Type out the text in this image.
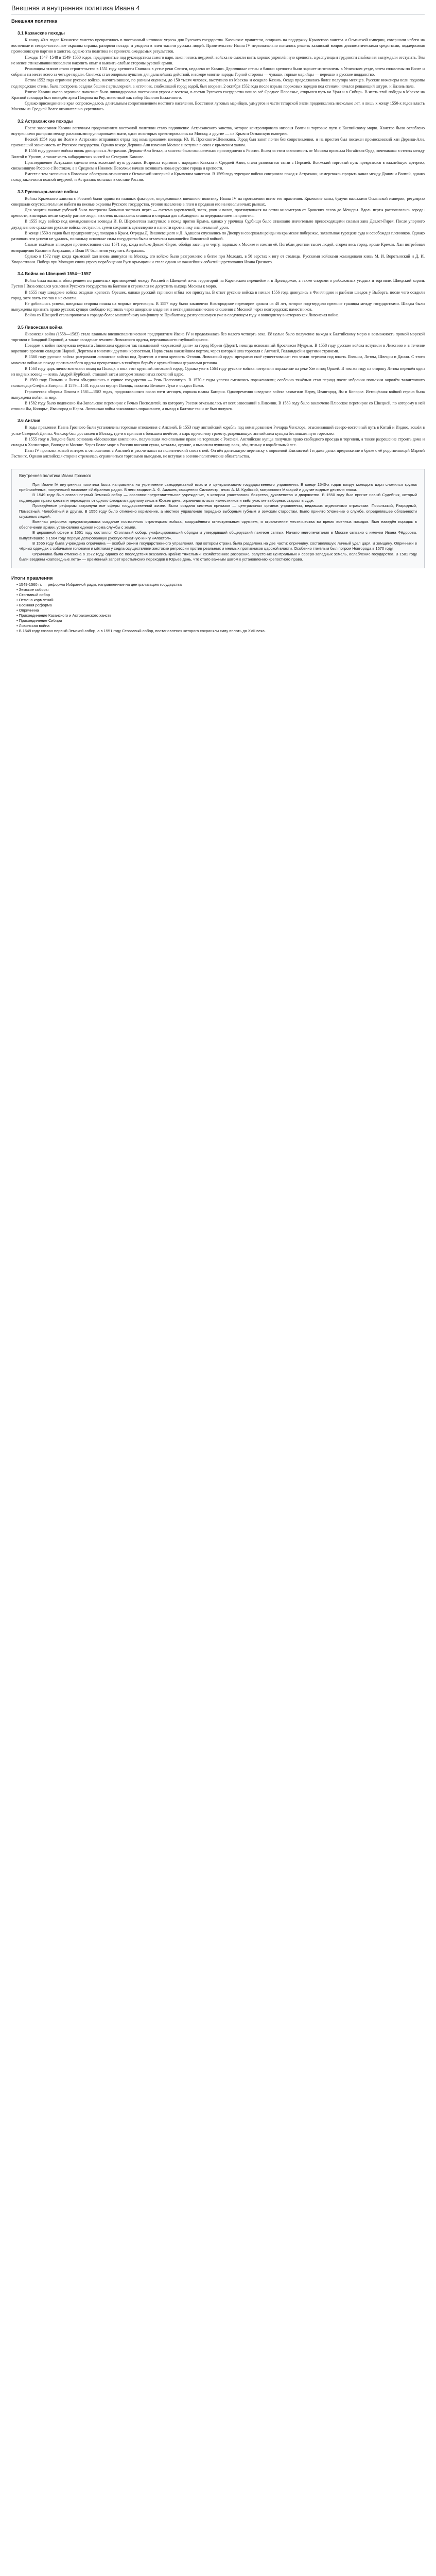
Внешняя и внутренняя политика Ивана 4
Внешняя политика
3.1 Казанские походы
К концу 40-х годов Казанское ханство превратилось в постоянный источник угрозы для Русского государства. Казанские правители, опираясь на поддержку Крымского ханства и Османской империи, совершали набеги на восточные и северо-восточные окраины страны, разоряли посады и уводили в плен тысячи русских людей. Правительство Ивана IV первоначально пыталось решить казанский вопрос дипломатическими средствами, поддерживая промосковскую партию в ханстве, однако эта политика не принесла ожидаемых результатов.
Походы 1547–1548 и 1549–1550 годов, предпринятые под руководством самого царя, закончились неудачей: войска не смогли взять хорошо укреплённую крепость, а распутица и трудности снабжения вынуждали отступать. Тем не менее эти кампании позволили накопить опыт и выявить слабые стороны русской армии.
Решающим этапом стало строительство в 1551 году крепости Свияжск в устье реки Свияги, недалеко от Казани. Деревянные стены и башни крепости были заранее изготовлены в Угличском уезде, затем сплавлены по Волге и собраны на месте всего за четыре недели. Свияжск стал опорным пунктом для дальнейших действий, и вскоре многие народы Горной стороны — чуваши, горные марийцы — перешли в русское подданство.
Летом 1552 года огромное русское войско, насчитывавшее, по разным оценкам, до 150 тысяч человек, выступило из Москвы и осадило Казань. Осада продолжалась более полутора месяцев. Русские инженеры вели подкопы под городские стены, была построена осадная башня с артиллерией, а источник, снабжавший город водой, был взорван. 2 октября 1552 года после взрыва пороховых зарядов под стенами начался решающий штурм, и Казань пала.
Взятие Казани имело огромное значение: была ликвидирована постоянная угроза с востока, в состав Русского государства вошло всё Среднее Поволжье, открылся путь на Урал и в Сибирь. В честь этой победы в Москве на Красной площади был возведён храм Покрова на Рву, известный как собор Василия Блаженного.
Однако присоединение края сопровождалось длительным сопротивлением местного населения. Восстания луговых марийцев, удмуртов и части татарской знати продолжались несколько лет, и лишь к концу 1550-х годов власть Москвы на Средней Волге окончательно укрепилась.
3.2 Астраханские походы
После завоевания Казани логичным продолжением восточной политики стало подчинение Астраханского ханства, которое контролировало низовья Волги и торговые пути к Каспийскому морю. Ханство было ослаблено внутренними распрями между различными группировками знати, одни из которых ориентировались на Москву, а другие — на Крым и Османскую империю.
Весной 1554 года по Волге к Астрахани отправился отряд под командованием воеводы Ю. И. Пронского-Шемякина. Город был занят почти без сопротивления, и на престол был посажен промосковский хан Дервиш-Али, признавший зависимость от Русского государства. Однако вскоре Дервиш-Али изменил Москве и вступил в союз с крымским ханом.
В 1556 году русские войска вновь двинулись к Астрахани. Дервиш-Али бежал, и ханство было окончательно присоединено к России. Вслед за этим зависимость от Москвы признала Ногайская Орда, кочевавшая в степях между Волгой и Уралом, а также часть кабардинских князей на Северном Кавказе.
Присоединение Астрахани сделало весь волжский путь русским. Возросла торговля с народами Кавказа и Средней Азии, стали развиваться связи с Персией. Волжский торговый путь превратился в важнейшую артерию, связывавшую Россию с Востоком, а в Среднем и Нижнем Поволжье начали возникать новые русские города и крепости.
Вместе с тем экспансия в Поволжье обострила отношения с Османской империей и Крымским ханством. В 1569 году турецкое войско совершило поход к Астрахани, намереваясь прорыть канал между Доном и Волгой, однако поход закончился полной неудачей, и Астрахань осталась в составе России.
3.3 Русско-крымские войны
Войны Крымского ханства с Россией были одним из главных факторов, определявших внешнюю политику Ивана IV на протяжении всего его правления. Крымские ханы, будучи вассалами Османской империи, регулярно совершали опустошительные набеги на южные окраины Русского государства, угоняя население в плен и продавая его на невольничьих рынках.
Для защиты южных рубежей была построена Большая засечная черта — система укреплений, засек, рвов и валов, протянувшаяся на сотни километров от Брянских лесов до Мещеры. Вдоль черты располагались города-крепости, в которых несли службу ратные люди, а в степь высылались станицы и сторожи для наблюдения за передвижением неприятеля.
В 1555 году войско под командованием воеводы И. В. Шереметева выступило в поход против Крыма, однако у урочища Судбищи было атаковано значительно превосходящими силами хана Девлет-Гирея. После упорного двухдневного сражения русские войска отступили, сумев сохранить артиллерию и нанести противнику значительный урон.
В конце 1550-х годов был предпринят ряд походов в Крым. Отряды Д. Вишневецкого и Д. Адашева спускались по Днепру и совершали рейды на крымское побережье, захватывая турецкие суда и освобождая пленников. Однако развивать эти успехи не удалось, поскольку основные силы государства были отвлечены начавшейся Ливонской войной.
Самым тяжёлым эпизодом противостояния стал 1571 год, когда войско Девлет-Гирея, обойдя засечную черту, подошло к Москве и сожгло её. Погибли десятки тысяч людей, сгорел весь город, кроме Кремля. Хан потребовал возвращения Казани и Астрахани, а Иван IV был готов уступить Астрахань.
Однако в 1572 году, когда крымский хан вновь двинулся на Москву, его войско было разгромлено в битве при Молодях, в 50 верстах к югу от столицы. Русскими войсками командовали князь М. И. Воротынский и Д. И. Хворостинин. Победа при Молодях сняла угрозу порабощения Руси крымцами и стала одним из важнейших событий царствования Ивана Грозного.
3.4 Война со Швецией 1554—1557
Война была вызвана обострением пограничных противоречий между Россией и Швецией из-за территорий на Карельском перешейке и в Приладожье, а также спорами о рыболовных угодьях и торговле. Шведский король Густав I Ваза опасался усиления Русского государства на Балтике и стремился не допустить выхода Москвы к морю.
В 1555 году шведские войска осадили крепость Орешек, однако русский гарнизон отбил все приступы. В ответ русские войска в начале 1556 года двинулись в Финляндию и разбили шведов у Выборга, после чего осадили город, хотя взять его так и не смогли.
Не добившись успеха, шведская сторона пошла на мирные переговоры. В 1557 году было заключено Новгородское перемирие сроком на 40 лет, которое подтвердило прежние границы между государствами. Шведы были вынуждены признать право русских купцов свободно торговать через шведские владения и вести дипломатические сношения с Москвой через новгородских наместников.
Война со Швецией стала прологом к гораздо более масштабному конфликту за Прибалтику, разгоревшемуся уже в следующем году и вошедшему в историю как Ливонская война.
3.5 Ливонская война
Ливонская война (1558—1583) стала главным внешнеполитическим предприятием Ивана IV и продолжалась без малого четверть века. Её целью было получение выхода к Балтийскому морю и возможность прямой морской торговли с Западной Европой, а также овладение землями Ливонского ордена, переживавшего глубокий кризис.
Поводом к войне послужила неуплата Ливонским орденом так называемой «юрьевской дани» за город Юрьев (Дерпт), некогда основанный Ярославом Мудрым. В 1558 году русские войска вступили в Ливонию и в течение короткого времени овладели Нарвой, Дерптом и многими другими крепостями. Нарва стала важнейшим портом, через который шла торговля с Англией, Голландией и другими странами.
В 1560 году русские войска разгромили ливонское войско под Эрмесом и взяли крепость Феллин. Ливонский орден прекратил своё существование: его земли перешли под власть Польши, Литвы, Швеции и Дании. С этого момента война из похода против слабого ордена превратилась в тяжёлую борьбу с крупнейшими державами региона.
В 1563 году царь лично возглавил поход на Полоцк и взял этот крупный литовский город. Однако уже в 1564 году русские войска потерпели поражение на реке Уле и под Оршей. В том же году на сторону Литвы перешёл один из видных воевод — князь Андрей Курбский, ставший затем автором знаменитых посланий царю.
В 1569 году Польша и Литва объединились в единое государство — Речь Посполитую. В 1570-е годы успехи сменялись поражениями; особенно тяжёлым стал период после избрания польским королём талантливого полководца Стефана Батория. В 1579—1581 годах он вернул Полоцк, захватил Великие Луки и осадил Псков.
Героическая оборона Пскова в 1581—1582 годах, продолжавшаяся около пяти месяцев, сорвала планы Батория. Одновременно шведские войска захватили Нарву, Ивангород, Ям и Копорье. Истощённая войной страна была вынуждена пойти на мир.
В 1582 году было подписано Ям-Запольское перемирие с Речью Посполитой, по которому Россия отказывалась от всех завоеваний в Ливонии. В 1583 году было заключено Плюсское перемирие со Швецией, по которому к ней отошли Ям, Копорье, Ивангород и Нарва. Ливонская война закончилась поражением, а выход к Балтике так и не был получен.
3.6 Англия
В годы правления Ивана Грозного были установлены торговые отношения с Англией. В 1553 году английский корабль под командованием Ричарда Ченслора, отыскивавший северо-восточный путь в Китай и Индию, вошёл в устье Северной Двины. Ченслор был доставлен в Москву, где его приняли с большим почётом, а царь вручил ему грамоту, разрешавшую английским купцам беспошлинную торговлю.
В 1555 году в Лондоне была основана «Московская компания», получившая монопольное право на торговлю с Россией. Английские купцы получили право свободного проезда и торговли, а также разрешение строить дома и склады в Холмогорах, Вологде и Москве. Через Белое море в Россию ввозили сукна, металлы, оружие, а вывозили пушнину, воск, лён, пеньку и корабельный лес.
Иван IV проявлял живой интерес к отношениям с Англией и рассчитывал на политический союз с ней. Он вёл длительную переписку с королевой Елизаветой I и даже делал предложение о браке с её родственницей Марией Гастингс. Однако английская сторона стремилась ограничиться торговыми выгодами, не вступая в военно-политические обязательства.
Внутренняя политика Ивана Грозного
При Иване IV внутренняя политика была направлена на укрепление самодержавной власти и централизацию государственного управления. В конце 1540-х годов вокруг молодого царя сложился кружок приближённых, получивший название «Избранная рада». В него входили А. Ф. Адашев, священник Сильвестр, князь А. М. Курбский, митрополит Макарий и другие видные деятели эпохи.
В 1549 году был созван первый Земский собор — сословно-представительное учреждение, в котором участвовали боярство, духовенство и дворянство. В 1550 году был принят новый Судебник, который подтвердил право крестьян переходить от одного феодала к другому лишь в Юрьев день, ограничил власть наместников и ввёл участие выборных старост в суде.
Проведённые реформы затронули все сферы государственной жизни. Была создана система приказов — центральных органов управления, ведавших отдельными отраслями: Посольский, Разрядный, Поместный, Челобитный и другие. В 1556 году было отменено кормление, а местное управление передано выборным губным и земским старостам. Было принято Уложение о службе, определявшее обязанности служилых людей.
Военная реформа предусматривала создание постоянного стрелецкого войска, вооружённого огнестрельным оружием, и ограничение местничества во время военных походов. Был наведён порядок в обеспечении армии, установлена единая норма службы с земли.
В церковной сфере в 1551 году состоялся Стоглавый собор, унифицировавший обряды и утвердивший общерусский пантеон святых. Начало книгопечатания в Москве связано с именем Ивана Фёдорова, выпустившего в 1564 году первую датированную русскую печатную книгу «Апостол».
В 1565 году была учреждена опричнина — особый режим государственного управления, при котором страна была разделена на две части: опричнину, составлявшую личный удел царя, и земщину. Опричники в чёрных одеждах с собачьими головами и мётлами у седла осуществляли жестокие репрессии против реальных и мнимых противников царской власти. Особенно тяжёлым был погром Новгорода в 1570 году.
Опричнина была отменена в 1572 году, однако её последствия оказались крайне тяжёлыми: хозяйственное разорение, запустение центральных и северо-западных земель, ослабление государства. В 1581 году были введены «заповедные лета» — временный запрет крестьянских переходов в Юрьев день, что стало важным шагом к установлению крепостного права.
Итоги правления
• 1549-1560 гг. — реформы Избранной рады, направленные на централизацию государства
• Земские соборы
• Стоглавый собор
• Отмена кормлений
• Военная реформа
• Опричнина
• Присоединение Казанского и Астраханского ханств
• Присоединение Сибири
• Ливонская война
• В 1549 году созван первый Земский собор, а в 1551 году Стоглавый собор, постановления которого сохраняли силу вплоть до XVII века.
